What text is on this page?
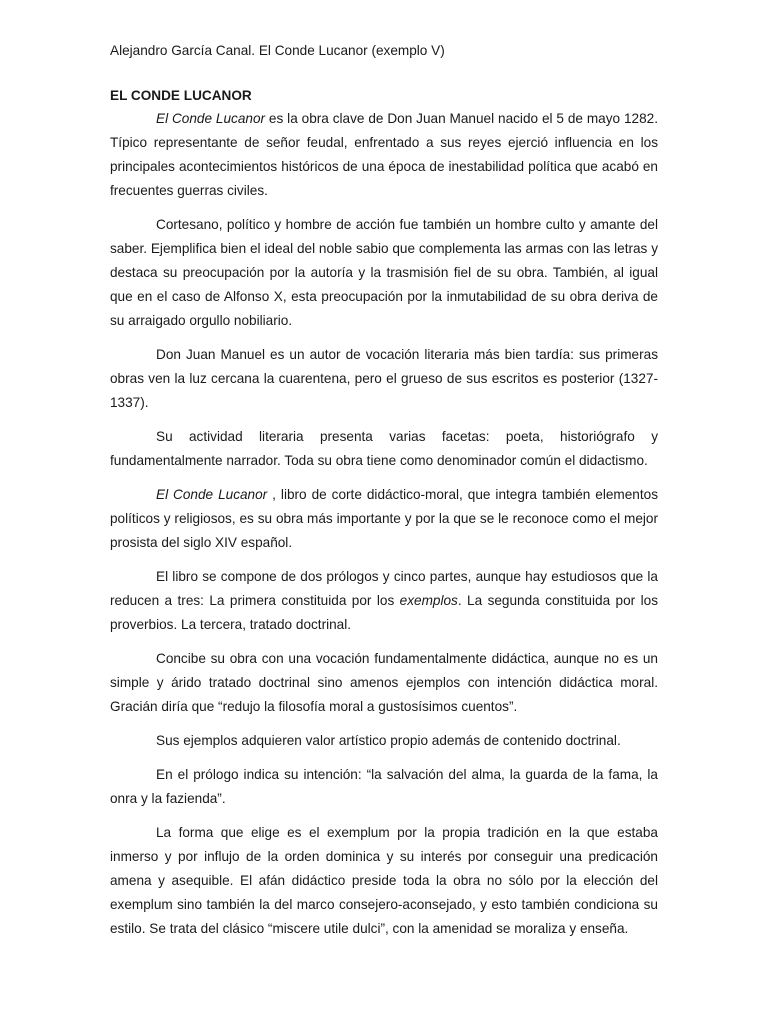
Alejandro García Canal. El Conde Lucanor (exemplo V)

EL CONDE LUCANOR

El Conde Lucanor es la obra clave de Don Juan Manuel nacido el 5 de mayo 1282. Típico representante de señor feudal, enfrentado a sus reyes ejerció influencia en los principales acontecimientos históricos de una época de inestabilidad política que acabó en frecuentes guerras civiles.

Cortesano, político y hombre de acción fue también un hombre culto y amante del saber. Ejemplifica bien el ideal del noble sabio que complementa las armas con las letras y destaca su preocupación por la autoría y la trasmisión fiel de su obra. También, al igual que en el caso de Alfonso X, esta preocupación por la inmutabilidad de su obra deriva de su arraigado orgullo nobiliario.

Don Juan Manuel es un autor de vocación literaria más bien tardía: sus primeras obras ven la luz cercana la cuarentena, pero el grueso de sus escritos es posterior (1327-1337).

Su actividad literaria presenta varias facetas: poeta, historiógrafo y fundamentalmente narrador. Toda su obra tiene como denominador común el didactismo.

El Conde Lucanor , libro de corte didáctico-moral, que integra también elementos políticos y religiosos, es su obra más importante y por la que se le reconoce como el mejor prosista del siglo XIV español.

El libro se compone de dos prólogos y cinco partes, aunque hay estudiosos que la reducen a tres: La primera constituida por los exemplos. La segunda constituida por los proverbios. La tercera, tratado doctrinal.

Concibe su obra con una vocación fundamentalmente didáctica, aunque no es un simple y árido tratado doctrinal sino amenos ejemplos con intención didáctica moral. Gracián diría que “redujo la filosofía moral a gustosísimos cuentos”.

Sus ejemplos adquieren valor artístico propio además de contenido doctrinal.

En el prólogo indica su intención: “la salvación del alma, la guarda de la fama, la onra y la fazienda”.

La forma que elige es el exemplum por la propia tradición en la que estaba inmerso y por influjo de la orden dominica y su interés por conseguir una predicación amena y asequible. El afán didáctico preside toda la obra no sólo por la elección del exemplum sino también la del marco consejero-aconsejado, y esto también condiciona su estilo. Se trata del clásico “miscere utile dulci”, con la amenidad se moraliza y enseña.
